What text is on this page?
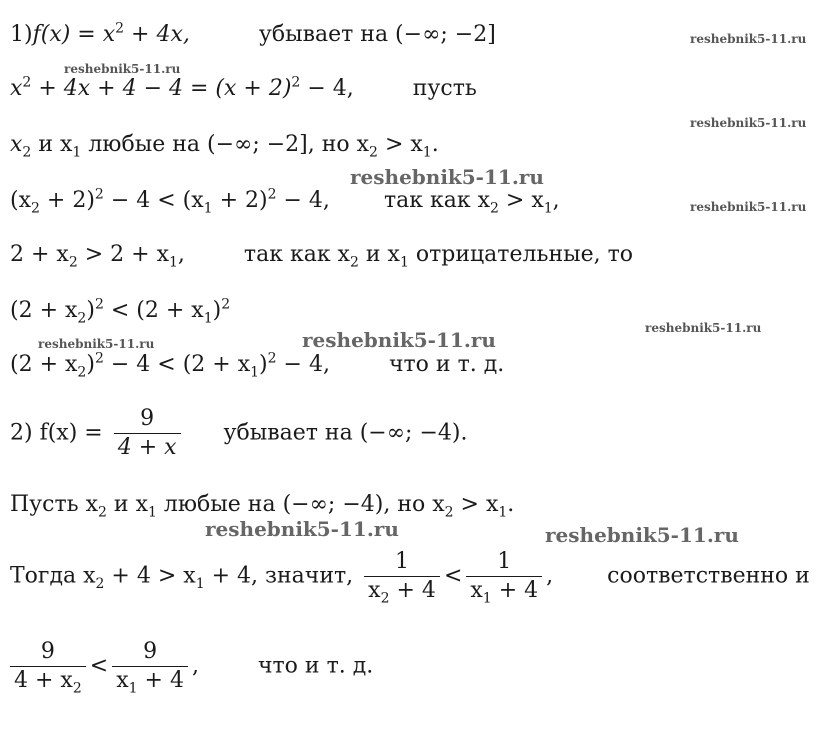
$1)f(x) = x^2 + 4x$,	убывает на (−∞; −2]
$x^2 + 4x + 4 - 4 = (x + 2)^2 - 4$,	пусть
$x_2$ и $x_1$ любые на (−∞; −2], но $x_2 > x_1$.
$(x_2 + 2)^2 - 4 < (x_1 + 2)^2 - 4$, так как $x_2 > x_1$,
$2 + x_2 > 2 + x_1$,	так как $x_2$ и $x_1$ отрицательные, то
$(2 + x_2)^2 < (2 + x_1)^2$
$(2 + x_2)^2 - 4 < (2 + x_1)^2 - 4$,	что и т. д.
2) $f(x) = \frac{9}{4 + x}$ убывает на (−∞; −4).
Пусть $x_2$ и $x_1$ любые на (−∞; −4), но $x_2 > x_1$.
Тогда $x_2 + 4 > x_1 + 4$, значит, $\frac{1}{x_2 + 4} < \frac{1}{x_1 + 4}$ , соответственно и
$\frac{9}{4 + x_2} < \frac{9}{x_1 + 4}$ ,	что и т. д.
reshebnik5-11.ru
reshebnik5-11.ru
reshebnik5-11.ru
reshebnik5-11.ru
reshebnik5-11.ru
reshebnik5-11.ru
reshebnik5-11.ru
reshebnik5-11.ru
reshebnik5-11.ru	reshebnik5-11.ru
